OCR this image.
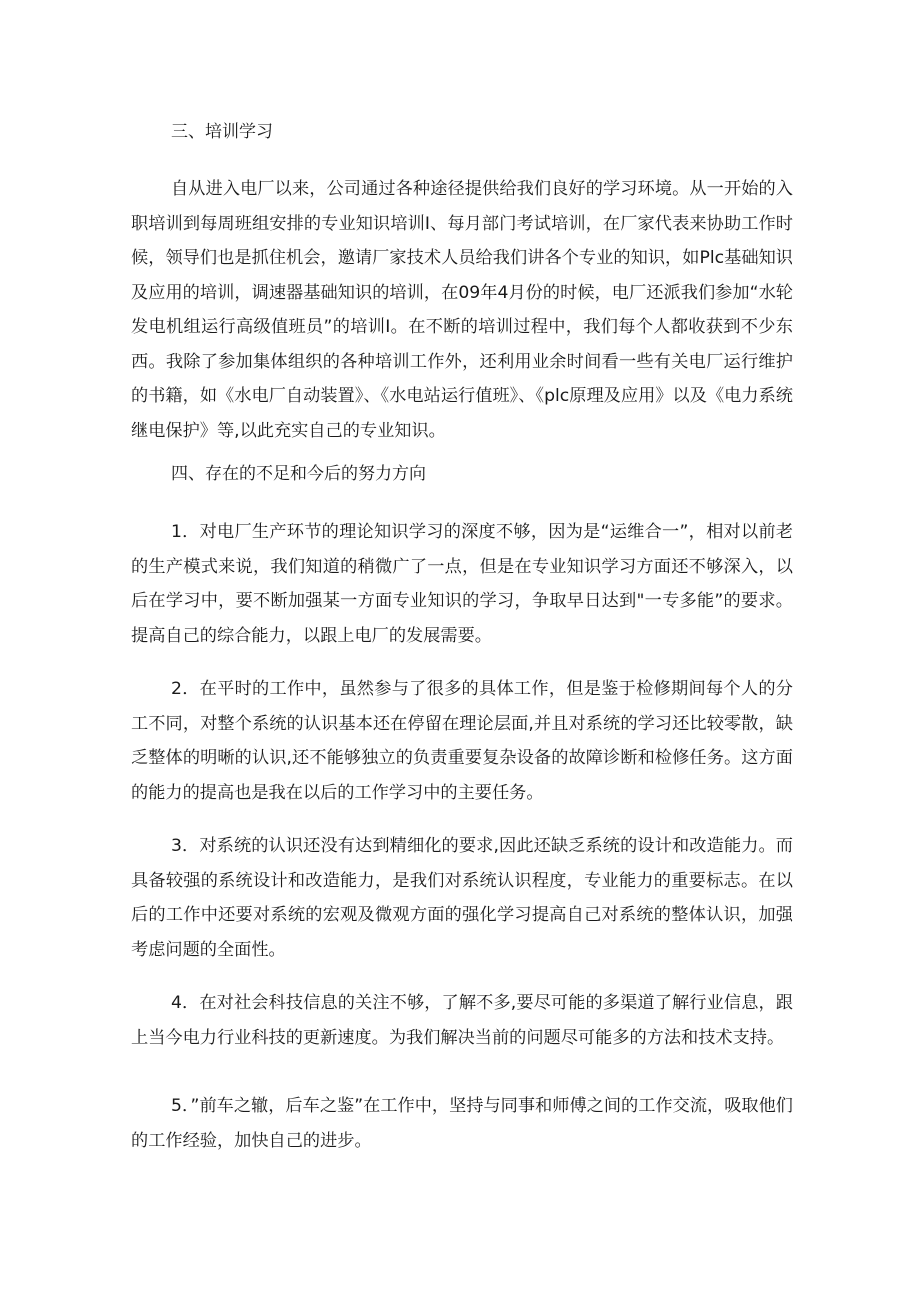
三、培训学习

自从进入电厂以来，公司通过各种途径提供给我们良好的学习环境。从一开始的入职培训到每周班组安排的专业知识培训I、每月部门考试培训，在厂家代表来协助工作时候，领导们也是抓住机会，邀请厂家技术人员给我们讲各个专业的知识，如Plc基础知识及应用的培训，调速器基础知识的培训，在09年4月份的时候，电厂还派我们参加“水轮发电机组运行高级值班员”的培训I。在不断的培训过程中，我们每个人都收获到不少东西。我除了参加集体组织的各种培训工作外，还利用业余时间看一些有关电厂运行维护的书籍，如《水电厂自动装置》、《水电站运行值班》、《plc原理及应用》以及《电力系统继电保护》等,以此充实自己的专业知识。

四、存在的不足和今后的努力方向

1．对电厂生产环节的理论知识学习的深度不够，因为是“运维合一”，相对以前老的生产模式来说，我们知道的稍微广了一点，但是在专业知识学习方面还不够深入，以后在学习中，要不断加强某一方面专业知识的学习，争取早日达到"一专多能”的要求。提高自己的综合能力，以跟上电厂的发展需要。

2．在平时的工作中，虽然参与了很多的具体工作，但是鉴于检修期间每个人的分工不同，对整个系统的认识基本还在停留在理论层面,并且对系统的学习还比较零散，缺乏整体的明晰的认识,还不能够独立的负责重要复杂设备的故障诊断和检修任务。这方面的能力的提高也是我在以后的工作学习中的主要任务。

3．对系统的认识还没有达到精细化的要求,因此还缺乏系统的设计和改造能力。而具备较强的系统设计和改造能力，是我们对系统认识程度，专业能力的重要标志。在以后的工作中还要对系统的宏观及微观方面的强化学习提高自己对系统的整体认识，加强考虑问题的全面性。

4．在对社会科技信息的关注不够，了解不多,要尽可能的多渠道了解行业信息，跟上当今电力行业科技的更新速度。为我们解决当前的问题尽可能多的方法和技术支持。

5．”前车之辙，后车之鉴”在工作中，坚持与同事和师傅之间的工作交流，吸取他们的工作经验，加快自己的进步。
